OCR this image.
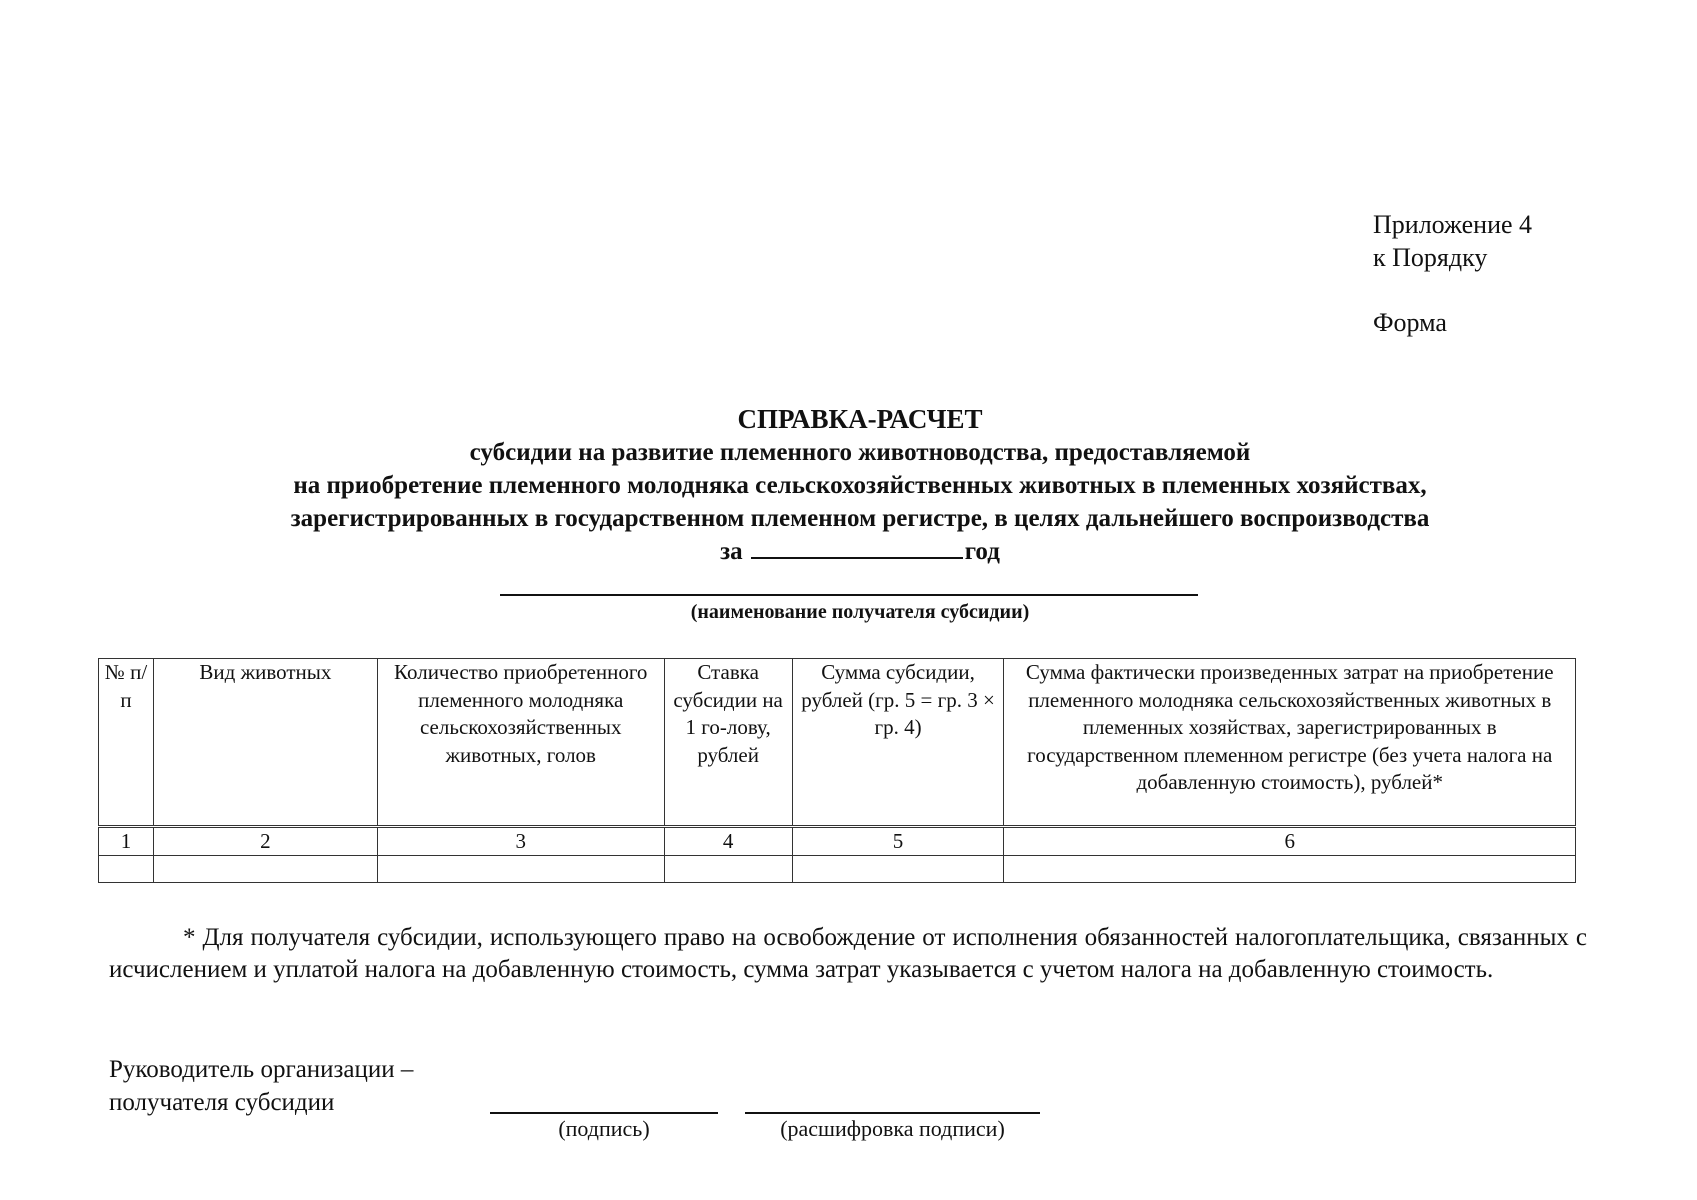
Приложение 4
к Порядку
Форма
СПРАВКА-РАСЧЕТ
субсидии на развитие племенного животноводства, предоставляемой
на приобретение племенного молодняка сельскохозяйственных животных в племенных хозяйствах,
зарегистрированных в государственном племенном регистре, в целях дальнейшего воспроизводства
за	год
(наименование получателя субсидии)
№ п/п	Вид животных	Количество приобретенного племенного молодняка сельскохозяйственных животных, голов	Ставка субсидии на 1 го-лову, рублей	Сумма субсидии, рублей (гр. 5 = гр. 3 × гр. 4)	Сумма фактически произведенных затрат на приобретение племенного молодняка сельскохозяйственных животных в племенных хозяйствах, зарегистрированных в государственном племенном регистре (без учета налога на добавленную стоимость), рублей*
1	2	3	4	5	6

* Для получателя субсидии, использующего право на освобождение от исполнения обязанностей налогоплательщика, связанных с исчислением и уплатой налога на добавленную стоимость, сумма затрат указывается с учетом налога на добавленную стоимость.
Руководитель организации –
получателя субсидии
(подпись)	(расшифровка подписи)
